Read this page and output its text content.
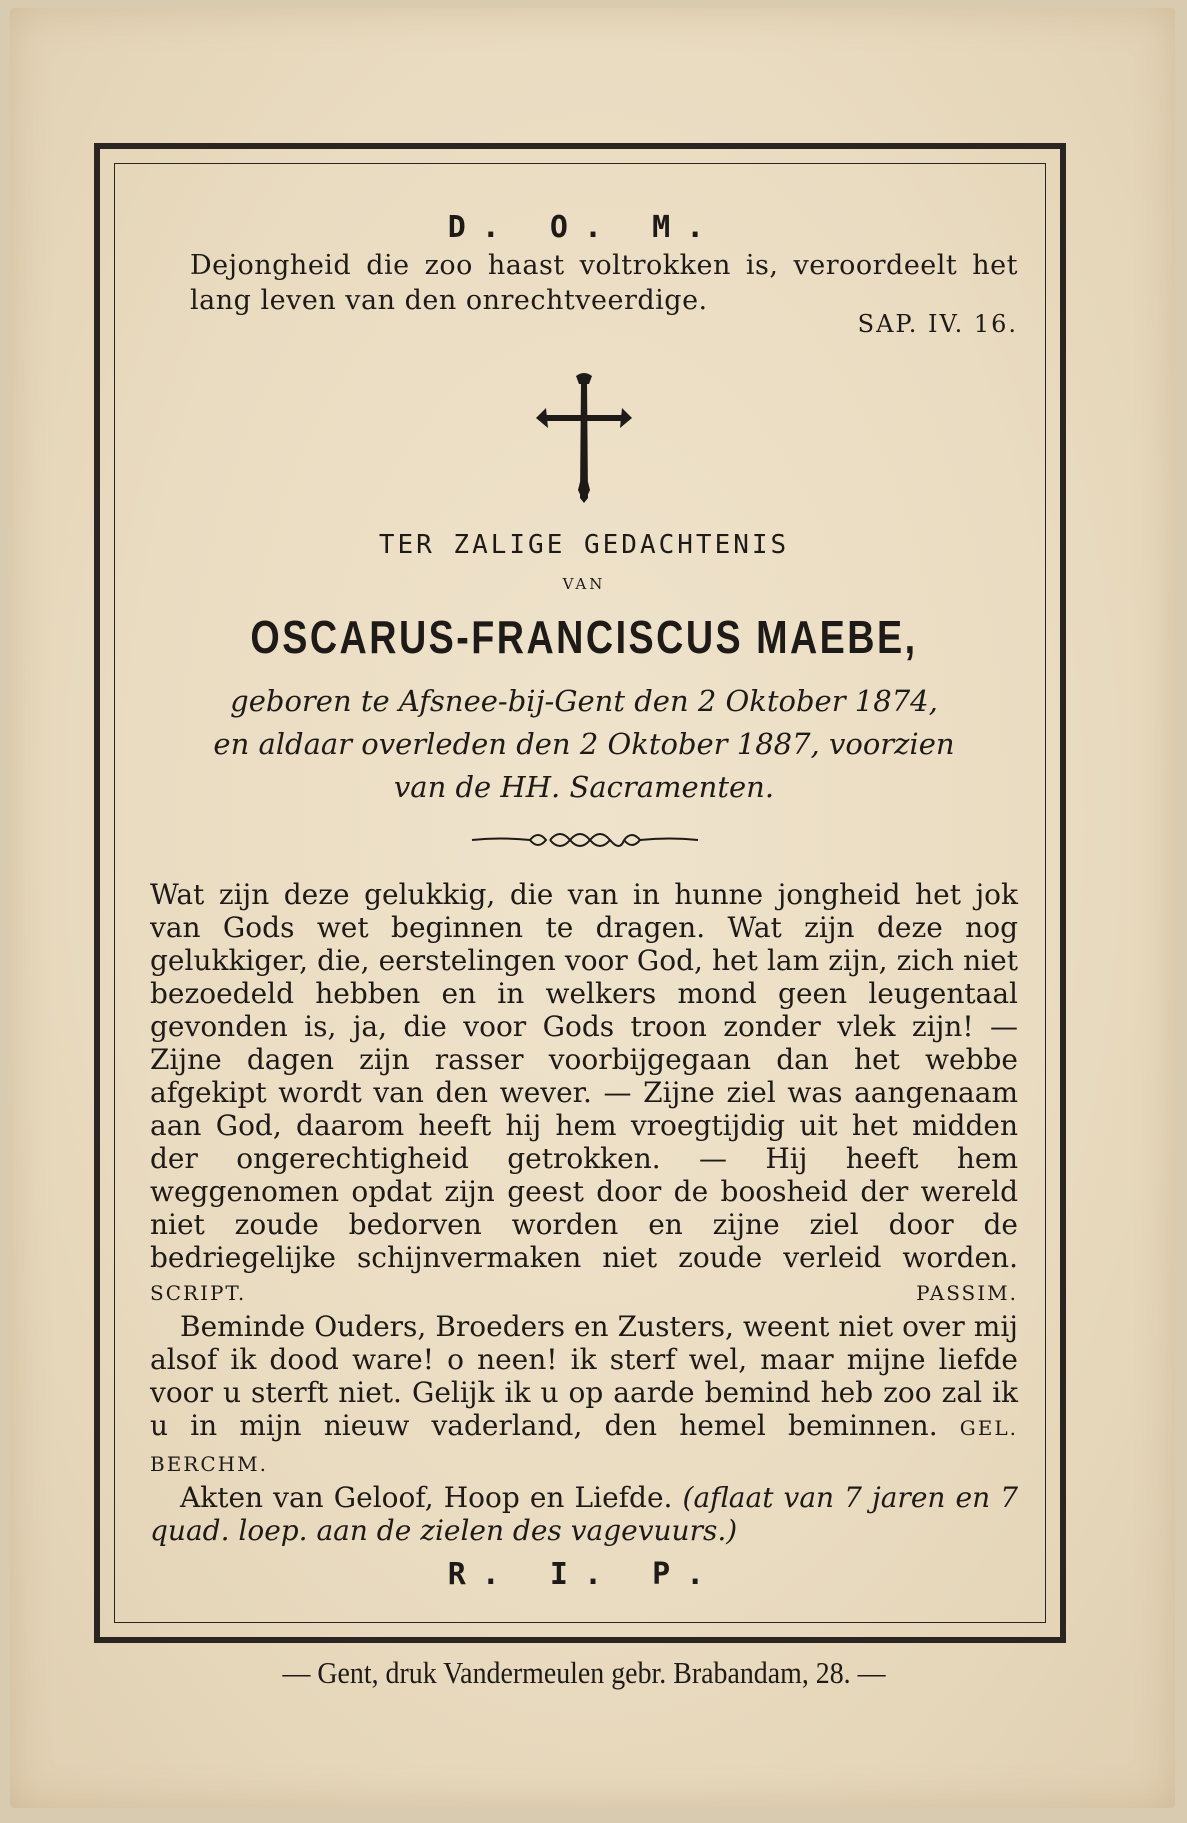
D. O. M.
Dejongheid die zoo haast voltrokken is, veroordeelt het lang leven van den onrechtveerdige.
SAP. IV. 16.
TER ZALIGE GEDACHTENIS
VAN
OSCARUS-FRANCISCUS MAEBE,
geboren te Afsnee-bij-Gent den 2 Oktober 1874,
en aldaar overleden den 2 Oktober 1887, voorzien
van de HH. Sacramenten.

Wat zijn deze gelukkig, die van in hunne jongheid het jok van Gods wet beginnen te dragen. Wat zijn deze nog gelukkiger, die, eerstelingen voor God, het lam zijn, zich niet bezoedeld hebben en in welkers mond geen leugentaal gevonden is, ja, die voor Gods troon zonder vlek zijn! — Zijne dagen zijn rasser voorbijgegaan dan het webbe afgekipt wordt van den wever. — Zijne ziel was aangenaam aan God, daarom heeft hij hem vroegtijdig uit het midden der ongerechtigheid getrokken. — Hij heeft hem weggenomen opdat zijn geest door de boosheid der wereld niet zoude bedorven worden en zijne ziel door de bedriegelijke schijnvermaken niet zoude verleid worden. SCRIPT. PASSIM.

Beminde Ouders, Broeders en Zusters, weent niet over mij alsof ik dood ware! o neen! ik sterf wel, maar mijne liefde voor u sterft niet. Gelijk ik u op aarde bemind heb zoo zal ik u in mijn nieuw vaderland, den hemel beminnen. GEL. BERCHM.

Akten van Geloof, Hoop en Liefde. (aflaat van 7 jaren en 7 quad. loep. aan de zielen des vagevuurs.)

R. I. P.
— Gent, druk Vandermeulen gebr. Brabandam, 28. —
